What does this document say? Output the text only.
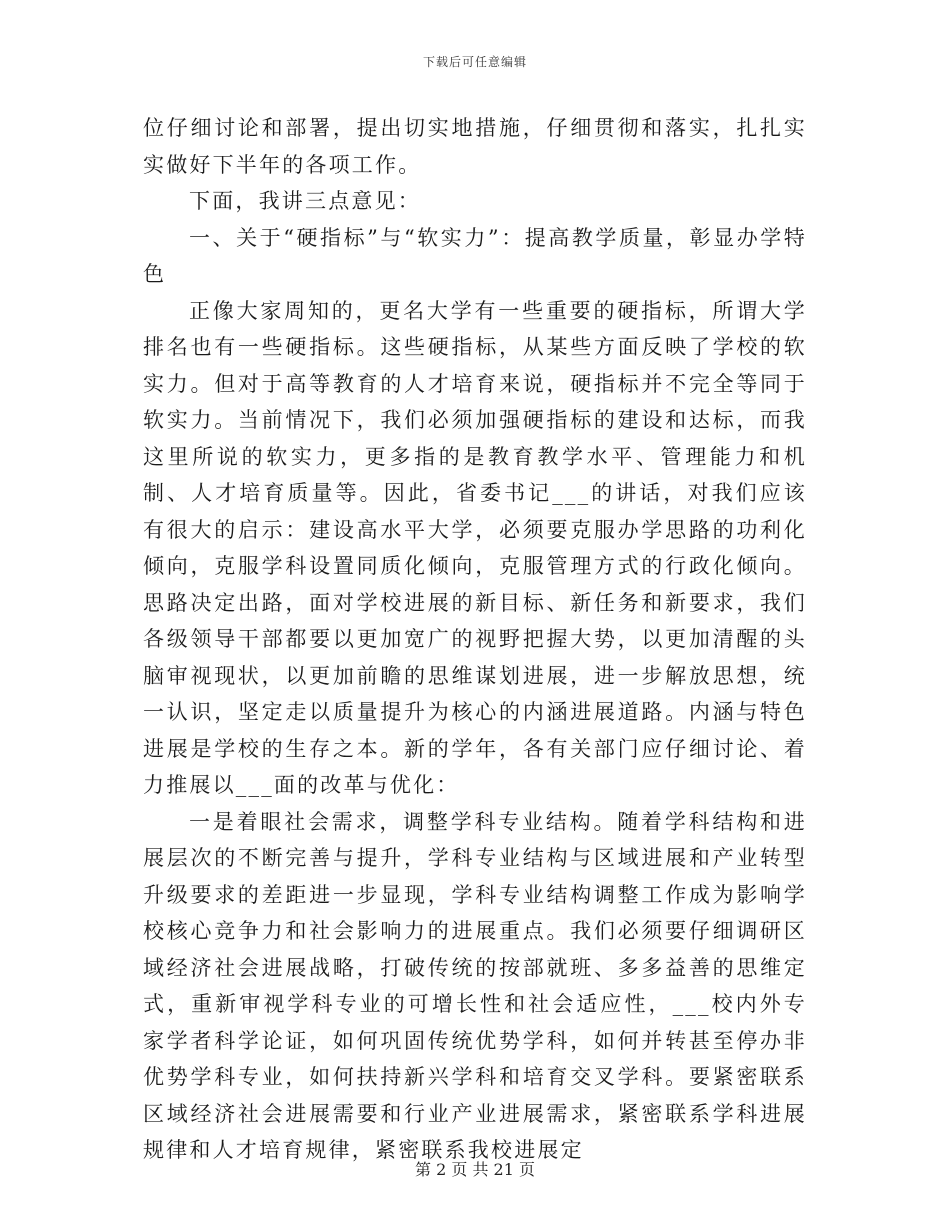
下载后可任意编辑

位仔细讨论和部署，提出切实地措施，仔细贯彻和落实，扎扎实实做好下半年的各项工作。

下面，我讲三点意见：

一、关于“硬指标”与“软实力”：提高教学质量，彰显办学特色

正像大家周知的，更名大学有一些重要的硬指标，所谓大学排名也有一些硬指标。这些硬指标，从某些方面反映了学校的软实力。但对于高等教育的人才培育来说，硬指标并不完全等同于软实力。当前情况下，我们必须加强硬指标的建设和达标，而我这里所说的软实力，更多指的是教育教学水平、管理能力和机制、人才培育质量等。因此，省委书记___的讲话，对我们应该有很大的启示：建设高水平大学，必须要克服办学思路的功利化倾向，克服学科设置同质化倾向，克服管理方式的行政化倾向。思路决定出路，面对学校进展的新目标、新任务和新要求，我们各级领导干部都要以更加宽广的视野把握大势，以更加清醒的头脑审视现状，以更加前瞻的思维谋划进展，进一步解放思想，统一认识，坚定走以质量提升为核心的内涵进展道路。内涵与特色进展是学校的生存之本。新的学年，各有关部门应仔细讨论、着力推展以___面的改革与优化：

一是着眼社会需求，调整学科专业结构。随着学科结构和进展层次的不断完善与提升，学科专业结构与区域进展和产业转型升级要求的差距进一步显现，学科专业结构调整工作成为影响学校核心竞争力和社会影响力的进展重点。我们必须要仔细调研区域经济社会进展战略，打破传统的按部就班、多多益善的思维定式，重新审视学科专业的可增长性和社会适应性，___校内外专家学者科学论证，如何巩固传统优势学科，如何并转甚至停办非优势学科专业，如何扶持新兴学科和培育交叉学科。要紧密联系区域经济社会进展需要和行业产业进展需求，紧密联系学科进展规律和人才培育规律，紧密联系我校进展定

第 2 页 共 21 页
